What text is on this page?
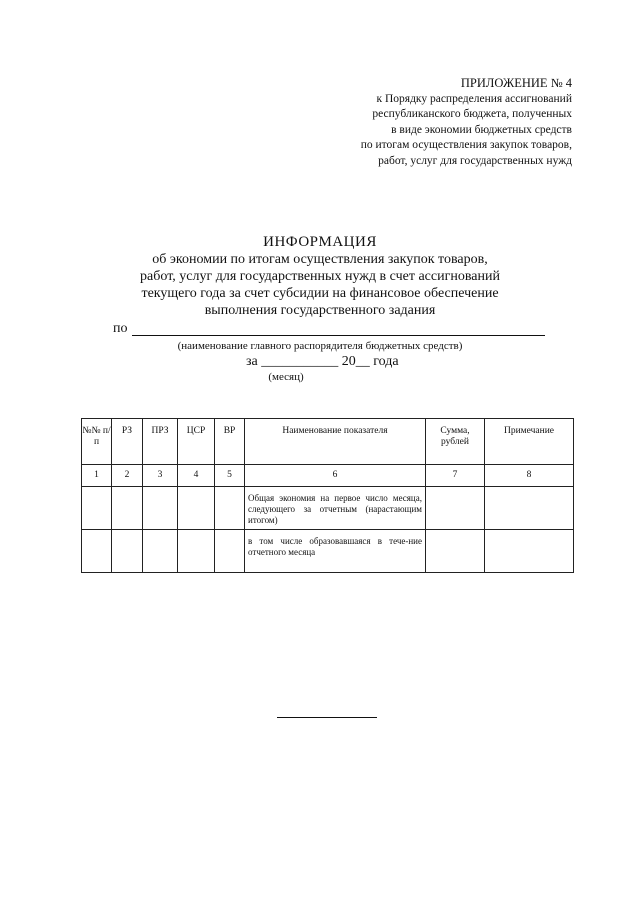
ПРИЛОЖЕНИЕ № 4
к Порядку распределения ассигнований
республиканского бюджета, полученных
в виде экономии бюджетных средств
по итогам осуществления закупок товаров,
работ, услуг для государственных нужд
ИНФОРМАЦИЯ
об экономии по итогам осуществления закупок товаров,
работ, услуг для государственных нужд в счет ассигнований
текущего года за счет субсидии на финансовое обеспечение
выполнения государственного задания
по
(наименование главного распорядителя бюджетных средств)
за ___________ 20__ года
(месяц)
№№ п/п	РЗ	ПРЗ	ЦСР	ВР	Наименование показателя	Сумма, рублей	Примечание
1	2	3	4	5	6	7	8
					Общая экономия на первое число месяца, следующего за отчетным (нарастающим итогом)		
					в том числе образовавшаяся в тече-ние отчетного месяца		
